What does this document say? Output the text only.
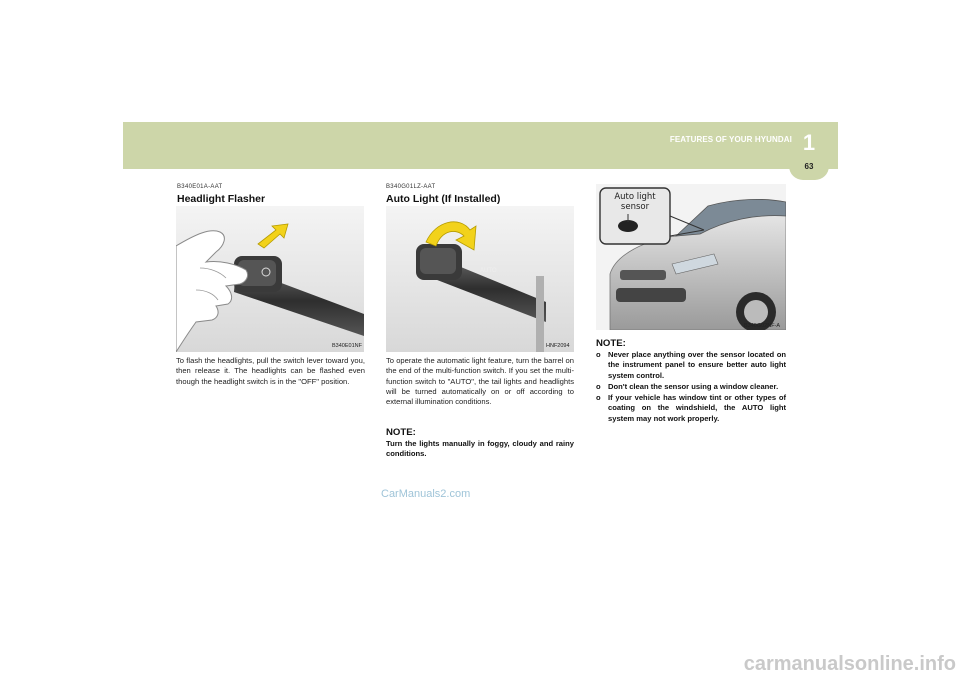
FEATURES OF YOUR HYUNDAI 1
63
B340E01A-AAT
Headlight Flasher
B340E01NF

To flash the headlights, pull the switch lever toward you, then release it. The headlights can be flashed even though the headlight switch is in the "OFF" position.

B340G01LZ-AAT
Auto Light (If Installed)
AUTO
HNF2094

To operate the automatic light feature, turn the barrel on the end of the multi-function switch. If you set the multi-function switch to "AUTO", the tail lights and headlights will be turned automatically on or off according to external illumination conditions.

NOTE:

Turn the lights manually in foggy, cloudy and rainy conditions.

Auto light sensor
B340G02NF-A
NOTE:
o Never place anything over the sensor located on the instrument panel to ensure better auto light system control.
o Don't clean the sensor using a window cleaner.
o If your vehicle has window tint or other types of coating on the windshield, the AUTO light system may not work properly.
CarManuals2.com
carmanualsonline.info
